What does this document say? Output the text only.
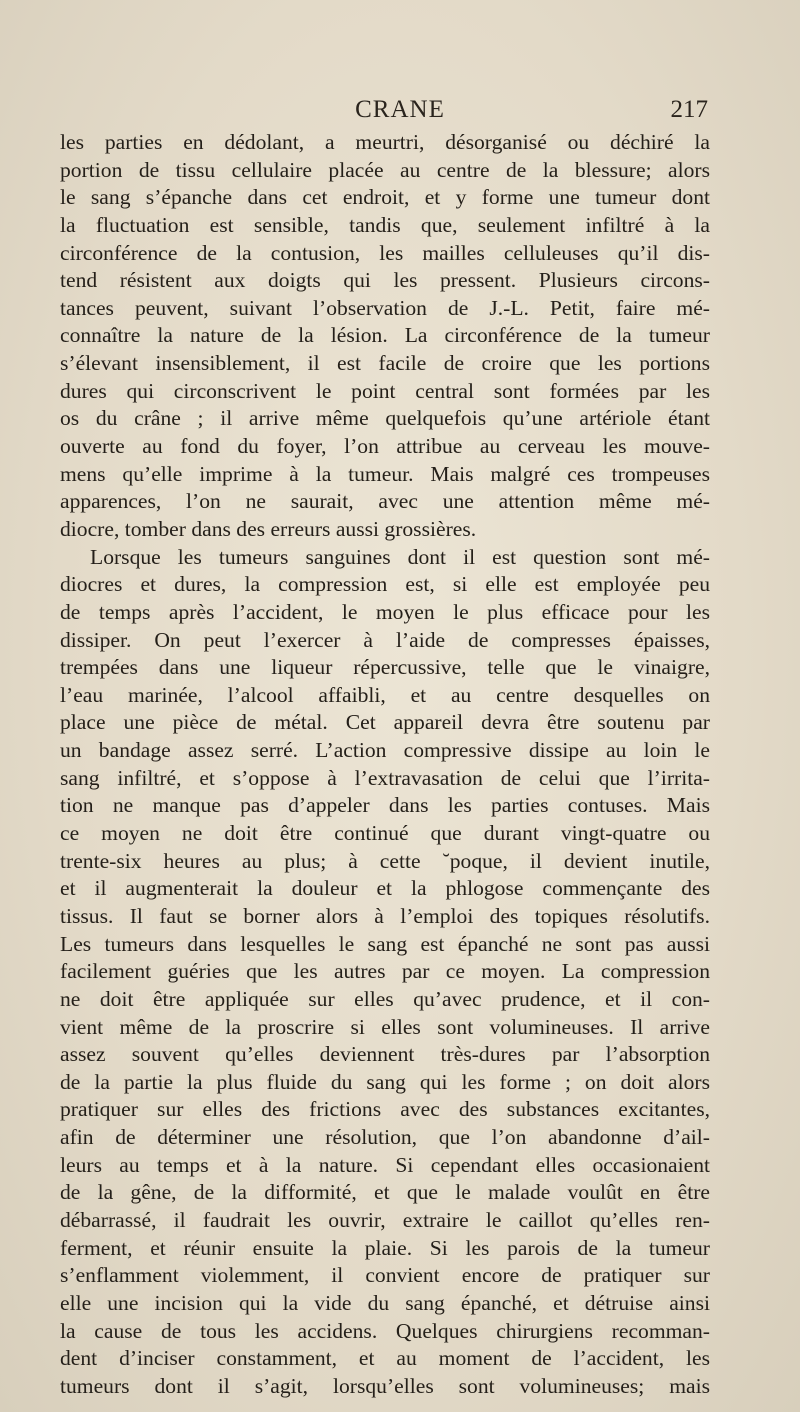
CRANE	217
les parties en dédolant, a meurtri, désorganisé ou déchiré la
portion de tissu cellulaire placée au centre de la blessure; alors
le sang s’épanche dans cet endroit, et y forme une tumeur dont
la fluctuation est sensible, tandis que, seulement infiltré à la
circonférence de la contusion, les mailles celluleuses qu’il dis-
tend résistent aux doigts qui les pressent. Plusieurs circons-
tances peuvent, suivant l’observation de J.-L. Petit, faire mé-
connaître la nature de la lésion. La circonférence de la tumeur
s’élevant insensiblement, il est facile de croire que les portions
dures qui circonscrivent le point central sont formées par les
os du crâne ; il arrive même quelquefois qu’une artériole étant
ouverte au fond du foyer, l’on attribue au cerveau les mouve-
mens qu’elle imprime à la tumeur. Mais malgré ces trompeuses
apparences, l’on ne saurait, avec une attention même mé-
diocre, tomber dans des erreurs aussi grossières.
Lorsque les tumeurs sanguines dont il est question sont mé-
diocres et dures, la compression est, si elle est employée peu
de temps après l’accident, le moyen le plus efficace pour les
dissiper. On peut l’exercer à l’aide de compresses épaisses,
trempées dans une liqueur répercussive, telle que le vinaigre,
l’eau marinée, l’alcool affaibli, et au centre desquelles on
place une pièce de métal. Cet appareil devra être soutenu par
un bandage assez serré. L’action compressive dissipe au loin le
sang infiltré, et s’oppose à l’extravasation de celui que l’irrita-
tion ne manque pas d’appeler dans les parties contuses. Mais
ce moyen ne doit être continué que durant vingt-quatre ou
trente-six heures au plus; à cette ˘poque, il devient inutile,
et il augmenterait la douleur et la phlogose commençante des
tissus. Il faut se borner alors à l’emploi des topiques résolutifs.
Les tumeurs dans lesquelles le sang est épanché ne sont pas aussi
facilement guéries que les autres par ce moyen. La compression
ne doit être appliquée sur elles qu’avec prudence, et il con-
vient même de la proscrire si elles sont volumineuses. Il arrive
assez souvent qu’elles deviennent très-dures par l’absorption
de la partie la plus fluide du sang qui les forme ; on doit alors
pratiquer sur elles des frictions avec des substances excitantes,
afin de déterminer une résolution, que l’on abandonne d’ail-
leurs au temps et à la nature. Si cependant elles occasionaient
de la gêne, de la difformité, et que le malade voulût en être
débarrassé, il faudrait les ouvrir, extraire le caillot qu’elles ren-
ferment, et réunir ensuite la plaie. Si les parois de la tumeur
s’enflamment violemment, il convient encore de pratiquer sur
elle une incision qui la vide du sang épanché, et détruise ainsi
la cause de tous les accidens. Quelques chirurgiens recomman-
dent d’inciser constamment, et au moment de l’accident, les
tumeurs dont il s’agit, lorsqu’elles sont volumineuses; mais
